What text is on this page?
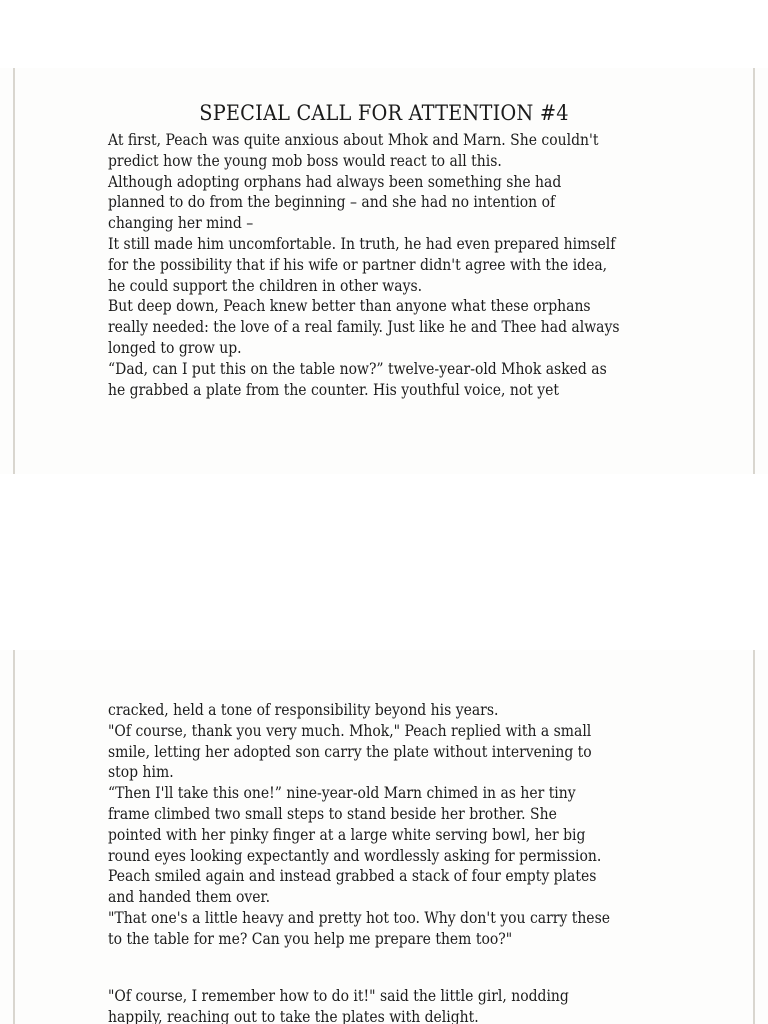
SPECIAL CALL FOR ATTENTION #4
At first, Peach was quite anxious about Mhok and Marn. She couldn't
predict how the young mob boss would react to all this.
Although adopting orphans had always been something she had
planned to do from the beginning – and she had no intention of
changing her mind –
It still made him uncomfortable. In truth, he had even prepared himself
for the possibility that if his wife or partner didn't agree with the idea,
he could support the children in other ways.
But deep down, Peach knew better than anyone what these orphans
really needed: the love of a real family. Just like he and Thee had always
longed to grow up.
“Dad, can I put this on the table now?” twelve-year-old Mhok asked as
he grabbed a plate from the counter. His youthful voice, not yet
cracked, held a tone of responsibility beyond his years.
"Of course, thank you very much. Mhok," Peach replied with a small
smile, letting her adopted son carry the plate without intervening to
stop him.
“Then I'll take this one!” nine-year-old Marn chimed in as her tiny
frame climbed two small steps to stand beside her brother. She
pointed with her pinky finger at a large white serving bowl, her big
round eyes looking expectantly and wordlessly asking for permission.
Peach smiled again and instead grabbed a stack of four empty plates
and handed them over.
"That one's a little heavy and pretty hot too. Why don't you carry these
to the table for me? Can you help me prepare them too?"
"Of course, I remember how to do it!" said the little girl, nodding
happily, reaching out to take the plates with delight.
